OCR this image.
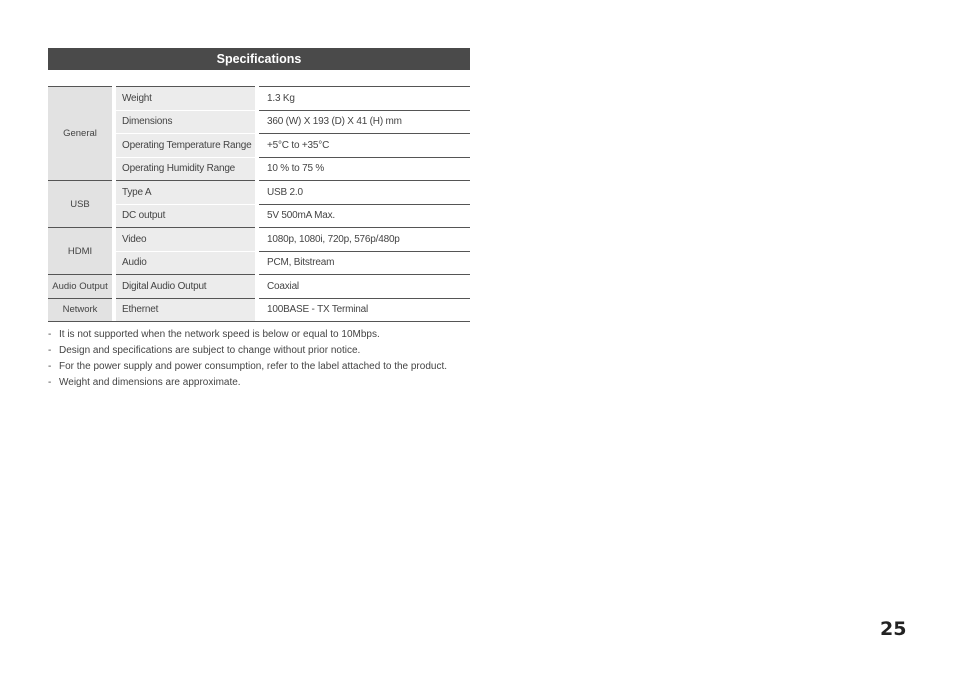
Specifications
General		Weight		1.3 Kg
		Dimensions		360 (W) X 193 (D) X 41 (H) mm
		Operating Temperature Range		+5°C to +35°C
		Operating Humidity Range		10 % to 75 %
USB		Type A		USB 2.0
		DC output		5V 500mA Max.
HDMI		Video		1080p, 1080i, 720p, 576p/480p
		Audio		PCM, Bitstream
Audio Output		Digital Audio Output		Coaxial
Network		Ethernet		100BASE - TX Terminal
- It is not supported when the network speed is below or equal to 10Mbps.
- Design and specifications are subject to change without prior notice.
- For the power supply and power consumption, refer to the label attached to the product.
- Weight and dimensions are approximate.
25
